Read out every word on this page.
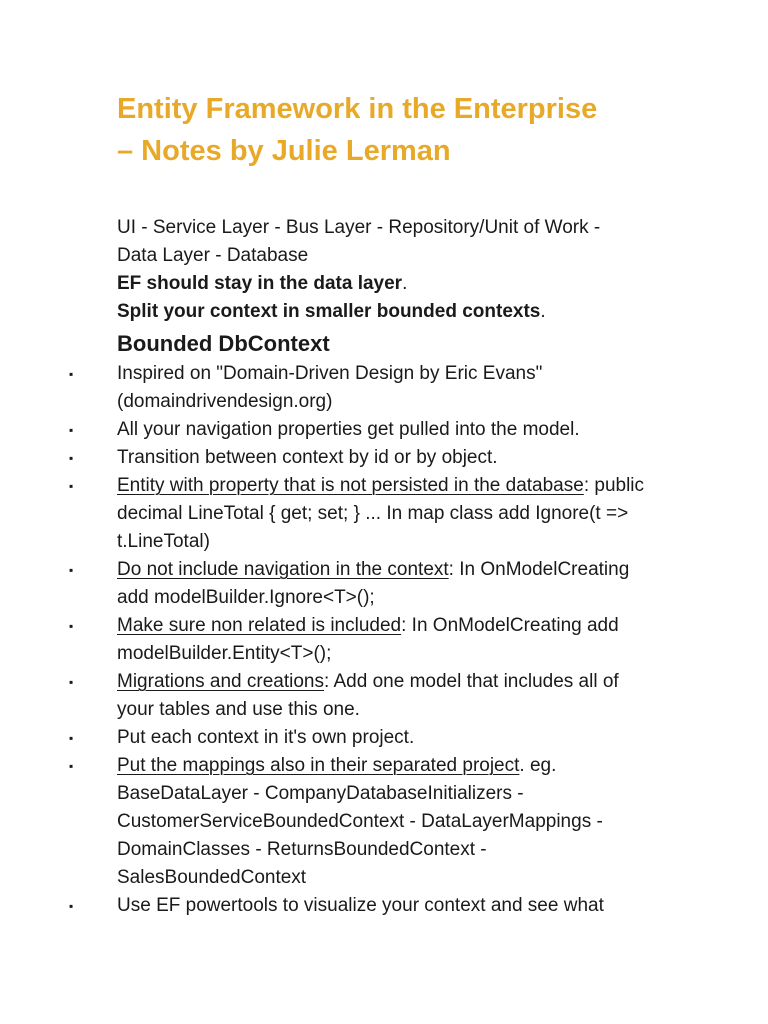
Entity Framework in the Enterprise
– Notes by Julie Lerman

UI - Service Layer - Bus Layer - Repository/Unit of Work -
Data Layer - Database

EF should stay in the data layer.

Split your context in smaller bounded contexts.

Bounded DbContext
▪ Inspired on "Domain-Driven Design by Eric Evans" (domaindrivendesign.org)
▪ All your navigation properties get pulled into the model.
▪ Transition between context by id or by object.
▪ Entity with property that is not persisted in the database: public decimal LineTotal { get; set; } ... In map class add Ignore(t => t.LineTotal)
▪ Do not include navigation in the context: In OnModelCreating add modelBuilder.Ignore<T>();
▪ Make sure non related is included: In OnModelCreating add modelBuilder.Entity<T>();
▪ Migrations and creations: Add one model that includes all of your tables and use this one.
▪ Put each context in it's own project.
▪ Put the mappings also in their separated project. eg. BaseDataLayer - CompanyDatabaseInitializers - CustomerServiceBoundedContext - DataLayerMappings - DomainClasses - ReturnsBoundedContext - SalesBoundedContext
▪ Use EF powertools to visualize your context and see what
